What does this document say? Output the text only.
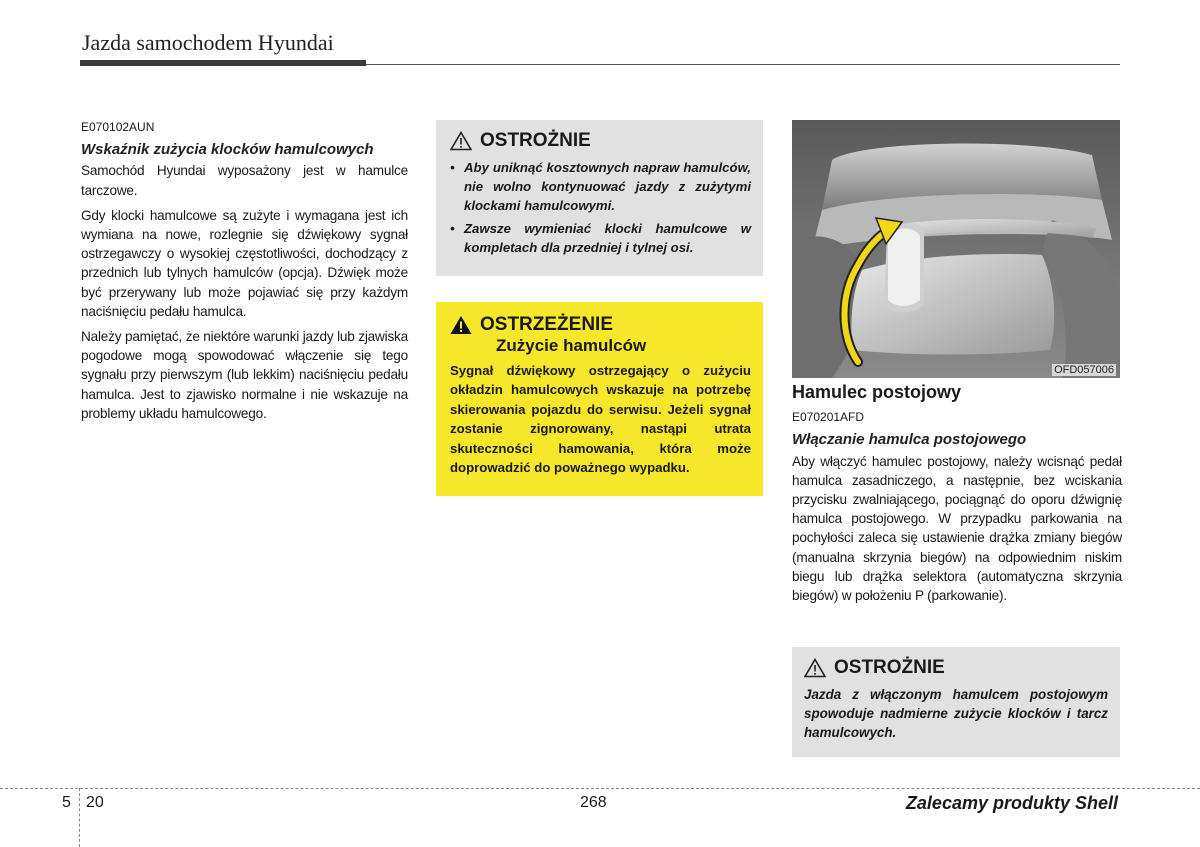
Jazda samochodem Hyundai
E070102AUN
Wskaźnik zużycia klocków hamulcowych

Samochód Hyundai wyposażony jest w hamulce tarczowe.

Gdy klocki hamulcowe są zużyte i wymagana jest ich wymiana na nowe, rozlegnie się dźwiękowy sygnał ostrzegawczy o wysokiej częstotliwości, dochodzący z przednich lub tylnych hamulców (opcja). Dźwięk może być przerywany lub może pojawiać się przy każdym naciśnięciu pedału hamulca.

Należy pamiętać, że niektóre warunki jazdy lub zjawiska pogodowe mogą spowodować włączenie się tego sygnału przy pierwszym (lub lekkim) naciśnięciu pedału hamulca. Jest to zjawisko normalne i nie wskazuje na problemy układu hamulcowego.

OSTROŻNIE
• Aby uniknąć kosztownych napraw hamulców, nie wolno kontynuować jazdy z zużytymi klockami hamulcowymi.
• Zawsze wymieniać klocki hamulcowe w kompletach dla przedniej i tylnej osi.
OSTRZEŻENIE
Zużycie hamulców
Sygnał dźwiękowy ostrzegający o zużyciu okładzin hamulcowych wskazuje na potrzebę skierowania pojazdu do serwisu. Jeżeli sygnał zostanie zignorowany, nastąpi utrata skuteczności hamowania, która może doprowadzić do poważnego wypadku.
OFD057006
Hamulec postojowy
E070201AFD
Włączanie hamulca postojowego

Aby włączyć hamulec postojowy, należy wcisnąć pedał hamulca zasadniczego, a następnie, bez wciskania przycisku zwalniającego, pociągnąć do oporu dźwignię hamulca postojowego. W przypadku parkowania na pochyłości zaleca się ustawienie drążka zmiany biegów (manualna skrzynia biegów) na odpowiednim niskim biegu lub drążka selektora (automatyczna skrzynia biegów) w położeniu P (parkowanie).

OSTROŻNIE
Jazda z włączonym hamulcem postojowym spowoduje nadmierne zużycie klocków i tarcz hamulcowych.
5 20	268	Zalecamy produkty Shell
